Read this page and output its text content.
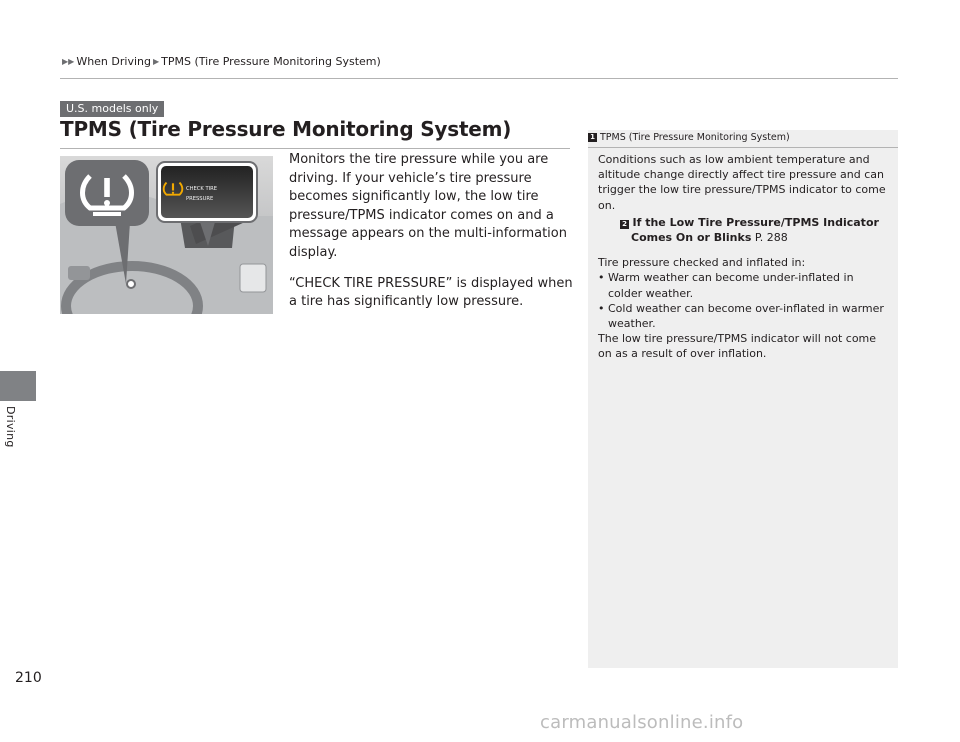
▶▶ When Driving ▶ TPMS (Tire Pressure Monitoring System)
U.S. models only
TPMS (Tire Pressure Monitoring System)
CHECK TIRE
PRESSURE

Monitors the tire pressure while you are driving. If your vehicle’s tire pressure becomes significantly low, the low tire pressure/TPMS indicator comes on and a message appears on the multi-information display.

“CHECK TIRE PRESSURE” is displayed when a tire has significantly low pressure.

1 TPMS (Tire Pressure Monitoring System)

Conditions such as low ambient temperature and altitude change directly affect tire pressure and can trigger the low tire pressure/TPMS indicator to come on.

2 If the Low Tire Pressure/TPMS Indicator

Comes On or Blinks P. 288

Tire pressure checked and inflated in:

• Warm weather can become under-inflated in colder weather.

• Cold weather can become over-inflated in warmer weather.

The low tire pressure/TPMS indicator will not come on as a result of over inflation.

Driving
210
carmanualsonline.info
